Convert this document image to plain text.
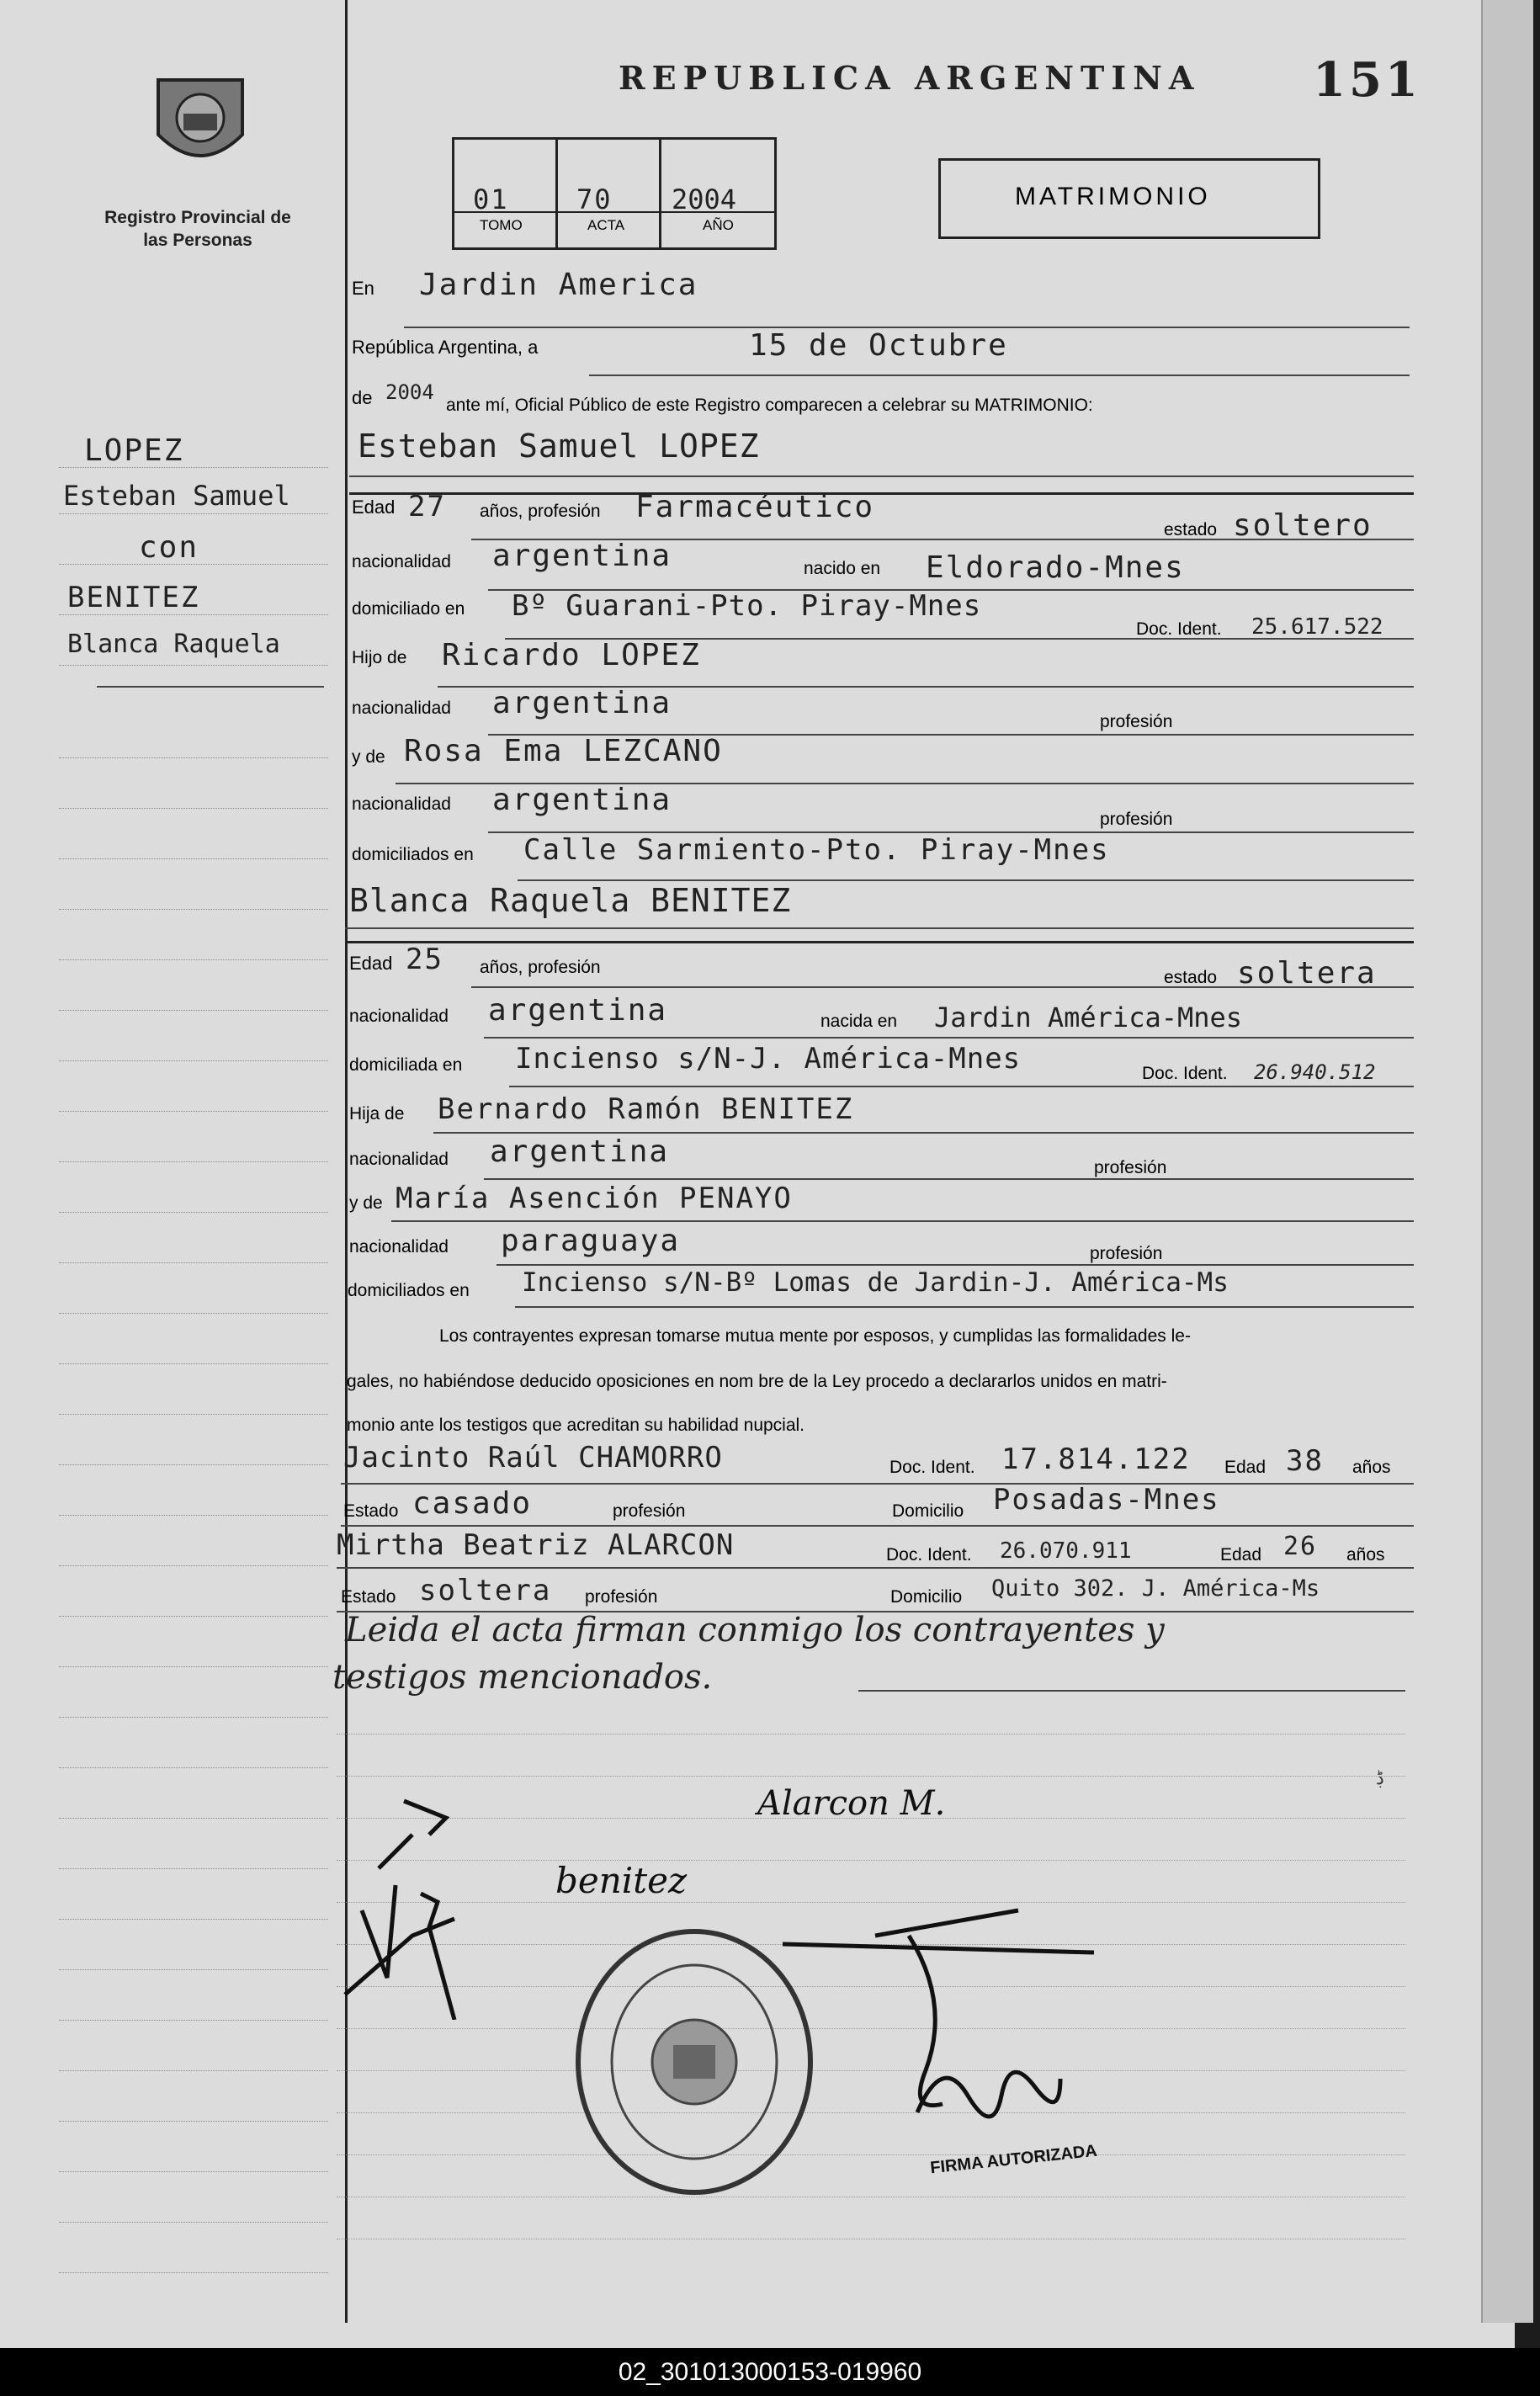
Registro Provincial de las Personas
LOPEZ
Esteban Samuel
con
BENITEZ
Blanca Raquela
REPUBLICA ARGENTINA 151
01	70 2004
TOMO	ACTA	AÑO
MATRIMONIO
En Jardin America
República Argentina, a	15 de Octubre
de 2004
ante mí, Oficial Público de este Registro comparecen a celebrar su MATRIMONIO:
Esteban Samuel LOPEZ
Edad 27 años, profesión Farmacéutico
estado soltero
nacionalidad argentina	nacido en Eldorado-Mnes
domiciliado en Bº Guarani-Pto. Piray-Mnes
Doc. Ident. 25.617.522
Hijo de Ricardo LOPEZ
nacionalidad argentina
profesión
y de Rosa Ema LEZCANO
nacionalidad argentina
profesión
domiciliados en Calle Sarmiento-Pto. Piray-Mnes
Blanca Raquela BENITEZ
Edad 25 años, profesión
estado soltera
nacionalidad argentina	nacida en Jardin América-Mnes
domiciliada en Incienso s/N-J. América-Mnes	Doc. Ident. 26.940.512
Hija de Bernardo Ramón BENITEZ
nacionalidad argentina	profesión
y de María Asención PENAYO
nacionalidad paraguaya	profesión
domiciliados en Incienso s/N-Bº Lomas de Jardin-J. América-Ms
Los contrayentes expresan tomarse mutua mente por esposos, y cumplidas las formalidades le-
gales, no habiéndose deducido oposiciones en nom bre de la Ley procedo a declararlos unidos en matri-
monio ante los testigos que acreditan su habilidad nupcial.
Jacinto Raúl CHAMORRO	Doc. Ident. 17.814.122 Edad 38 años
Estado casado	profesión	Domicilio Posadas-Mnes
Mirtha Beatriz ALARCON	Doc. Ident. 26.070.911	Edad 26 años
Estado soltera profesión	Domicilio Quito 302. J. América-Ms
Leida el acta firman conmigo los contrayentes y
testigos mencionados.
Alarcon M.
benitez
FIRMA AUTORIZADA
ڋ
02_301013000153-019960
